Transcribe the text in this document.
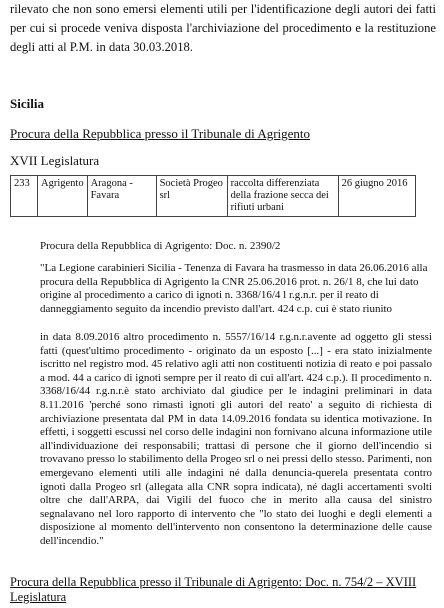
rilevato che non sono emersi elementi utili per l'identificazione degli autori dei fatti per cui si procede veniva disposta l'archiviazione del procedimento e la restituzione degli atti al P.M. in data 30.03.2018.
Sicilia
Procura della Repubblica presso il Tribunale di Agrigento
XVII Legislatura
233	Agrigento	Aragona - Favara	Società Progeo srl	raccolta differenziata della frazione secca dei rifiuti urbani	26 giugno 2016
Procura della Repubblica di Agrigento: Doc. n. 2390/2
"La Legione carabinieri Sicilia - Tenenza di Favara ha trasmesso in data 26.06.2016 alla procura della Repubblica di Agrigento la CNR 25.06.2016 prot. n. 26/1 8, che lui dato origine al procedimento a carico di ignoti n. 3368/16/4 l r.g.n.r. per il reato di danneggiamento seguito da incendio previsto dall'art. 424 c.p. cui è stato riunito
in data 8.09.2016 altro procedimento n. 5557/16/14 r.g.n.r.avente ad oggetto gli stessi fatti (quest'ultimo procedimento - originato da un esposto [...] - era stato inizialmente iscritto nel registro mod. 45 relativo agli atti non costituenti notizia di reato e poi passalo a mod. 44 a carico di ignoti sempre per il reato di cui all'art. 424 c.p.). Il procedimento n. 3368/16/44 r.g.n.r.è stato archiviato dal giudice per le indagini preliminari in data 8.11.2016 'perché sono rimasti ignoti gli autori del reato' a seguito di richiesta di archiviazione presentata dal PM in data 14.09.2016 fondata su identica motivazione. In effetti, i soggetti escussi nel corso delle indagini non fornivano alcuna informazione utile all'individuazione dei responsabili; trattasi di persone che il giorno dell'incendio si trovavano presso lo stabilimento della Progeo srl o nei pressi dello stesso. Parimenti, non emergevano elementi utili alle indagini né dalla denuncia-querela presentata contro ignoti dalla Progeo srl (allegata alla CNR sopra indicata), né dagli accertamenti svolti oltre che dall'ARPA, dai Vigili del fuoco che in merito alla causa del sinistro segnalavano nel loro rapporto di intervento che "lo stato dei luoghi e degli elementi a disposizione al momento dell'intervento non consentono la determinazione delle cause dell'incendio."
Procura della Repubblica presso il Tribunale di Agrigento: Doc. n. 754/2 – XVIII Legislatura
